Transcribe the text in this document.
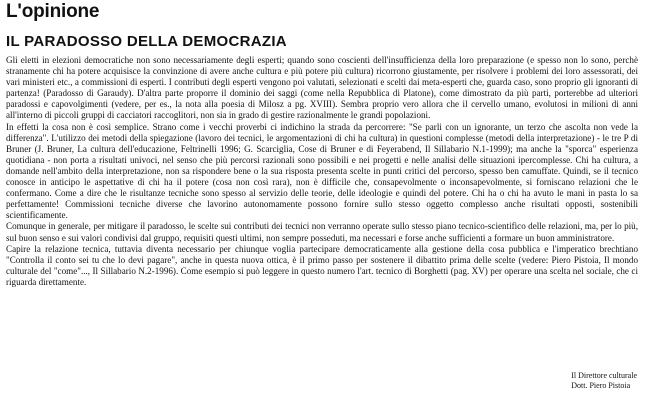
L'opinione
IL PARADOSSO DELLA DEMOCRAZIA

Gli eletti in elezioni democratiche non sono necessariamente degli esperti; quando sono coscienti dell'insufficienza della loro preparazione (e spesso non lo sono, perchè stranamente chi ha potere acquisisce la convinzione di avere anche cultura e più potere più cultura) ricorrono giustamente, per risolvere i problemi dei loro assessorati, dei vari ministeri etc., a commissioni di esperti. I contributi degli esperti vengono poi valutati, selezionati e scelti dai meta-esperti che, guarda caso, sono proprio gli ignoranti di partenza! (Paradosso di Garaudy). D'altra parte proporre il dominio dei saggi (come nella Repubblica di Platone), come dimostrato da più parti, porterebbe ad ulteriori paradossi e capovolgimenti (vedere, per es., la nota alla poesia di Milosz a pg. XVIII). Sembra proprio vero allora che il cervello umano, evolutosi in milioni di anni all'interno di piccoli gruppi di cacciatori raccoglitori, non sia in grado di gestire razionalmente le grandi popolazioni.

In effetti la cosa non è così semplice. Strano come i vecchi proverbi ci indichino la strada da percorrere: "Se parli con un ignorante, un terzo che ascolta non vede la differenza". L'utilizzo dei metodi della spiegazione (lavoro dei tecnici, le argomentazioni di chi ha cultura) in questioni complesse (metodi della interpretazione) - le tre P di Bruner (J. Bruner, La cultura dell'educazione, Feltrinelli 1996; G. Scarciglia, Cose di Bruner e di Feyerabend, Il Sillabario N.1-1999); ma anche la "sporca" esperienza quotidiana - non porta a risultati univoci, nel senso che più percorsi razionali sono possibili e nei progetti e nelle analisi delle situazioni ipercomplesse. Chi ha cultura, a domande nell'ambito della interpretazione, non sa rispondere bene o la sua risposta presenta scelte in punti critici del percorso, spesso ben camuffate. Quindi, se il tecnico conosce in anticipo le aspettative di chi ha il potere (cosa non così rara), non è difficile che, consapevolmente o inconsapevolmente, si forniscano relazioni che le confermano. Come a dire che le risultanze tecniche sono spesso al servizio delle teorie, delle ideologie e quindi del potere. Chi ha o chi ha avuto le mani in pasta lo sa perfettamente! Commissioni tecniche diverse che lavorino autonomamente possono fornire sullo stesso oggetto complesso anche risultati opposti, sostenibili scientificamente.

Comunque in generale, per mitigare il paradosso, le scelte sui contributi dei tecnici non verranno operate sullo stesso piano tecnico-scientifico delle relazioni, ma, per lo più, sul buon senso e sui valori condivisi dal gruppo, requisiti questi ultimi, non sempre posseduti, ma necessari e forse anche sufficienti a formare un buon amministratore.

Capire la relazione tecnica, tuttavia diventa necessario per chiunque voglia partecipare democraticamente alla gestione della cosa pubblica e l'imperatico brechtiano "Controlla il conto sei tu che lo devi pagare", anche in questa nuova ottica, è il primo passo per sostenere il dibattito prima delle scelte (vedere: Piero Pistoia, Il mondo culturale del "come"..., Il Sillabario N.2-1996). Come esempio si può leggere in questo numero l'art. tecnico di Borghetti (pag. XV) per operare una scelta nel sociale, che ci riguarda direttamente.

Il Direttore culturale
Dott. Piero Pistoia
